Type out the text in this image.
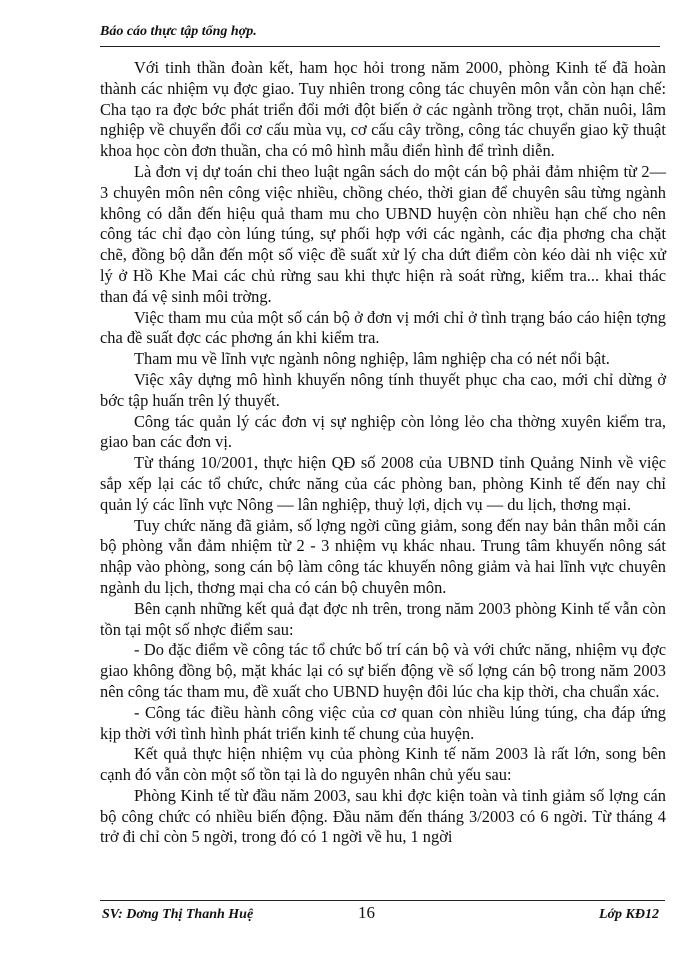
Báo cáo thực tập tổng hợp.

Với tinh thần đoàn kết, ham học hỏi trong năm 2000, phòng Kinh tế đã hoàn thành các nhiệm vụ đợc giao. Tuy nhiên trong công tác chuyên môn vẫn còn hạn chế: Cha tạo ra đợc bớc phát triển đổi mới đột biến ở các ngành trồng trọt, chăn nuôi, lâm nghiệp về chuyển đổi cơ cấu mùa vụ, cơ cấu cây trồng, công tác chuyển giao kỹ thuật khoa học còn đơn thuần, cha có mô hình mẫu điển hình để trình diễn.

Là đơn vị dự toán chi theo luật ngân sách do một cán bộ phải đảm nhiệm từ 2— 3 chuyên môn nên công việc nhiều, chồng chéo, thời gian để chuyên sâu từng ngành không có dẫn đến hiệu quả tham mu cho UBND huyện còn nhiều hạn chế cho nên công tác chỉ đạo còn lúng túng, sự phối hợp với các ngành, các địa phơng cha chặt chẽ, đồng bộ dẫn đến một số việc đề suất xử lý cha dứt điểm còn kéo dài nh việc xử lý ở Hồ Khe Mai các chủ rừng sau khi thực hiện rà soát rừng, kiểm tra... khai thác than đá vệ sinh môi trờng.

Việc tham mu của một số cán bộ ở đơn vị mới chỉ ở tình trạng báo cáo hiện tợng cha đề suất đợc các phơng án khi kiểm tra.

Tham mu về lĩnh vực ngành nông nghiệp, lâm nghiệp cha có nét nổi bật.

Việc xây dựng mô hình khuyến nông tính thuyết phục cha cao, mới chỉ dừng ở bớc tập huấn trên lý thuyết.

Công tác quản lý các đơn vị sự nghiệp còn lỏng lẻo cha thờng xuyên kiểm tra, giao ban các đơn vị.

Từ tháng 10/2001, thực hiện QĐ số 2008 của UBND tỉnh Quảng Ninh về việc sắp xếp lại các tổ chức, chức năng của các phòng ban, phòng Kinh tế đến nay chỉ quản lý các lĩnh vực Nông — lân nghiệp, thuỷ lợi, dịch vụ — du lịch, thơng mại.

Tuy chức năng đã giảm, số lợng ngời cũng giảm, song đến nay bản thân mỗi cán bộ phòng vẫn đảm nhiệm từ 2 - 3 nhiệm vụ khác nhau. Trung tâm khuyến nông sát nhập vào phòng, song cán bộ làm công tác khuyến nông giảm và hai lĩnh vực chuyên ngành du lịch, thơng mại cha có cán bộ chuyên môn.

Bên cạnh những kết quả đạt đợc nh trên, trong năm 2003 phòng Kinh tế vẫn còn tồn tại một số nhợc điểm sau:

- Do đặc điểm về công tác tổ chức bố trí cán bộ và với chức năng, nhiệm vụ đợc giao không đồng bộ, mặt khác lại có sự biến động về số lợng cán bộ trong năm 2003 nên công tác tham mu, đề xuất cho UBND huyện đôi lúc cha kịp thời, cha chuẩn xác.

- Công tác điều hành công việc của cơ quan còn nhiều lúng túng, cha đáp ứng kịp thời với tình hình phát triển kinh tế chung của huyện.

Kết quả thực hiện nhiệm vụ của phòng Kinh tế năm 2003 là rất lớn, song bên cạnh đó vẫn còn một số tồn tại là do nguyên nhân chủ yếu sau:

Phòng Kinh tế từ đầu năm 2003, sau khi đợc kiện toàn và tinh giảm số lợng cán bộ công chức có nhiều biến động. Đầu năm đến tháng 3/2003 có 6 ngời. Từ tháng 4 trở đi chỉ còn 5 ngời, trong đó có 1 ngời về hu, 1 ngời

SV: Dơng Thị Thanh Huệ	16	Lớp KĐ12
